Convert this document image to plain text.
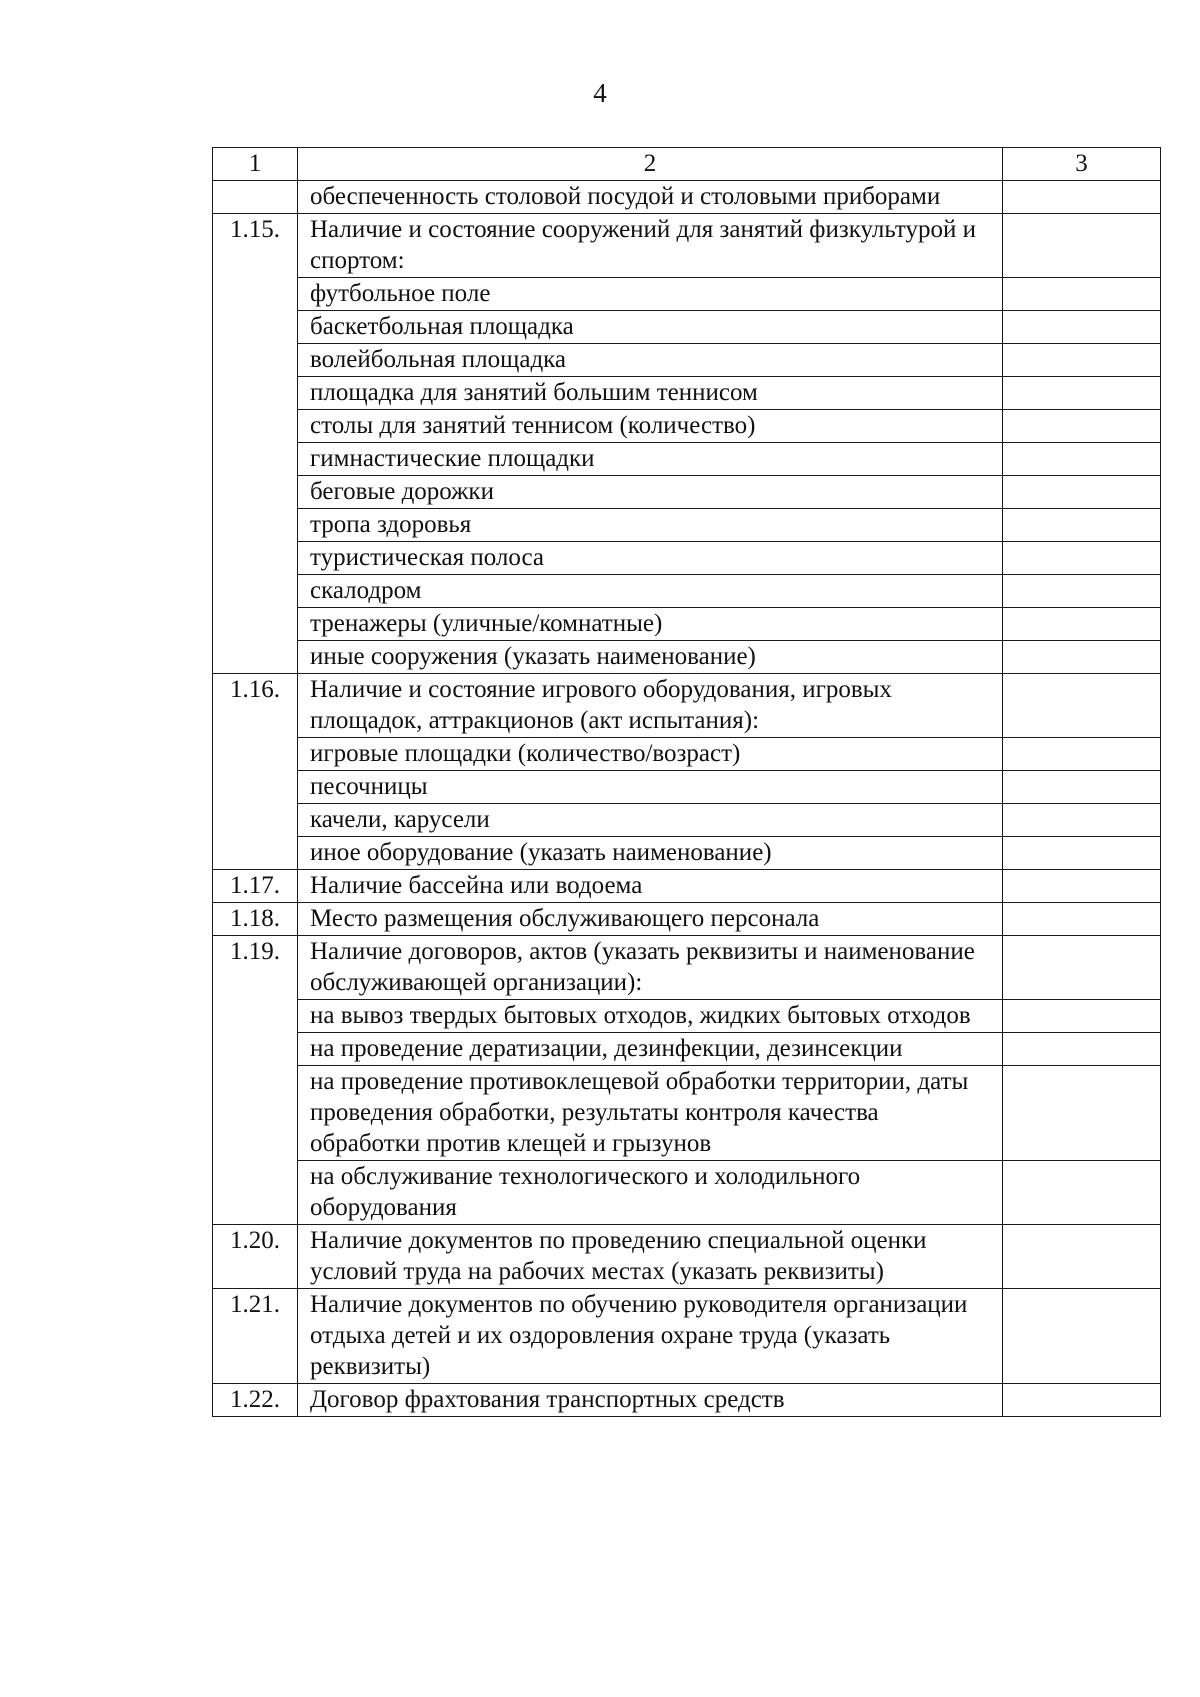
4
1	2	3
	обеспеченность столовой посудой и столовыми приборами	
1.15.	Наличие и состояние сооружений для занятий физкультурой и спортом:	
	футбольное поле	
	баскетбольная площадка	
	волейбольная площадка	
	площадка для занятий большим теннисом	
	столы для занятий теннисом (количество)	
	гимнастические площадки	
	беговые дорожки	
	тропа здоровья	
	туристическая полоса	
	скалодром	
	тренажеры (уличные/комнатные)	
	иные сооружения (указать наименование)	
1.16.	Наличие и состояние игрового оборудования, игровых площадок, аттракционов (акт испытания):	
	игровые площадки (количество/возраст)	
	песочницы	
	качели, карусели	
	иное оборудование (указать наименование)	
1.17.	Наличие бассейна или водоема	
1.18.	Место размещения обслуживающего персонала	
1.19.	Наличие договоров, актов (указать реквизиты и наименование обслуживающей организации):	
	на вывоз твердых бытовых отходов, жидких бытовых отходов	
	на проведение дератизации, дезинфекции, дезинсекции	
	на проведение противоклещевой обработки территории, даты проведения обработки, результаты контроля качества обработки против клещей и грызунов	
	на обслуживание технологического и холодильного оборудования	
1.20.	Наличие документов по проведению специальной оценки условий труда на рабочих местах (указать реквизиты)	
1.21.	Наличие документов по обучению руководителя организации отдыха детей и их оздоровления охране труда (указать реквизиты)	
1.22.	Договор фрахтования транспортных средств	
